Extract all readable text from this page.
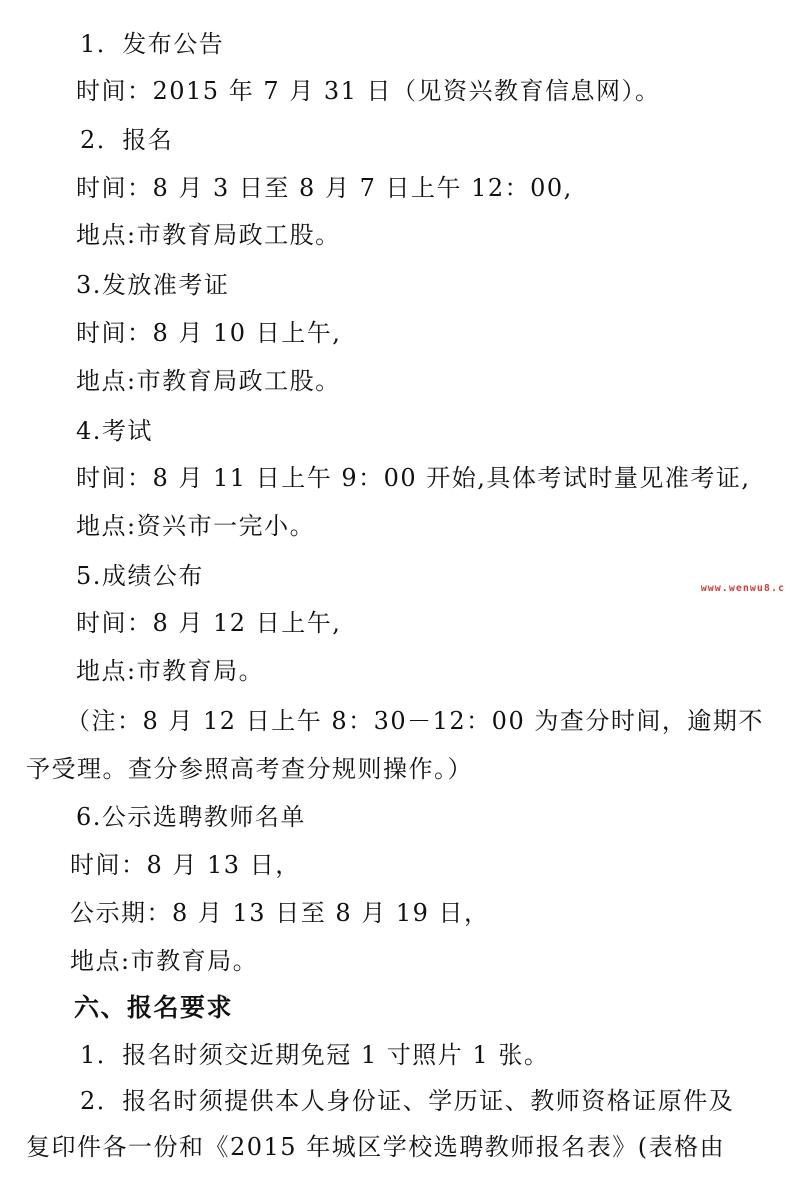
1．发布公告
时间：2015 年 7 月 31 日（见资兴教育信息网）。
2．报名
时间：8 月 3 日至 8 月 7 日上午 12：00,
地点:市教育局政工股。
3.发放准考证
时间：8 月 10 日上午,
地点:市教育局政工股。
4.考试
时间：8 月 11 日上午 9：00 开始,具体考试时量见准考证,
地点:资兴市一完小。
5.成绩公布
时间：8 月 12 日上午,
地点:市教育局。
（注：8 月 12 日上午 8：30－12：00 为查分时间，逾期不
予受理。查分参照高考查分规则操作。）
6.公示选聘教师名单
时间：8 月 13 日，
公示期：8 月 13 日至 8 月 19 日，
地点:市教育局。
六、报名要求
1．报名时须交近期免冠 1 寸照片 1 张。
2．报名时须提供本人身份证、学历证、教师资格证原件及
复印件各一份和《2015 年城区学校选聘教师报名表》(表格由
www.wenwu8.c
